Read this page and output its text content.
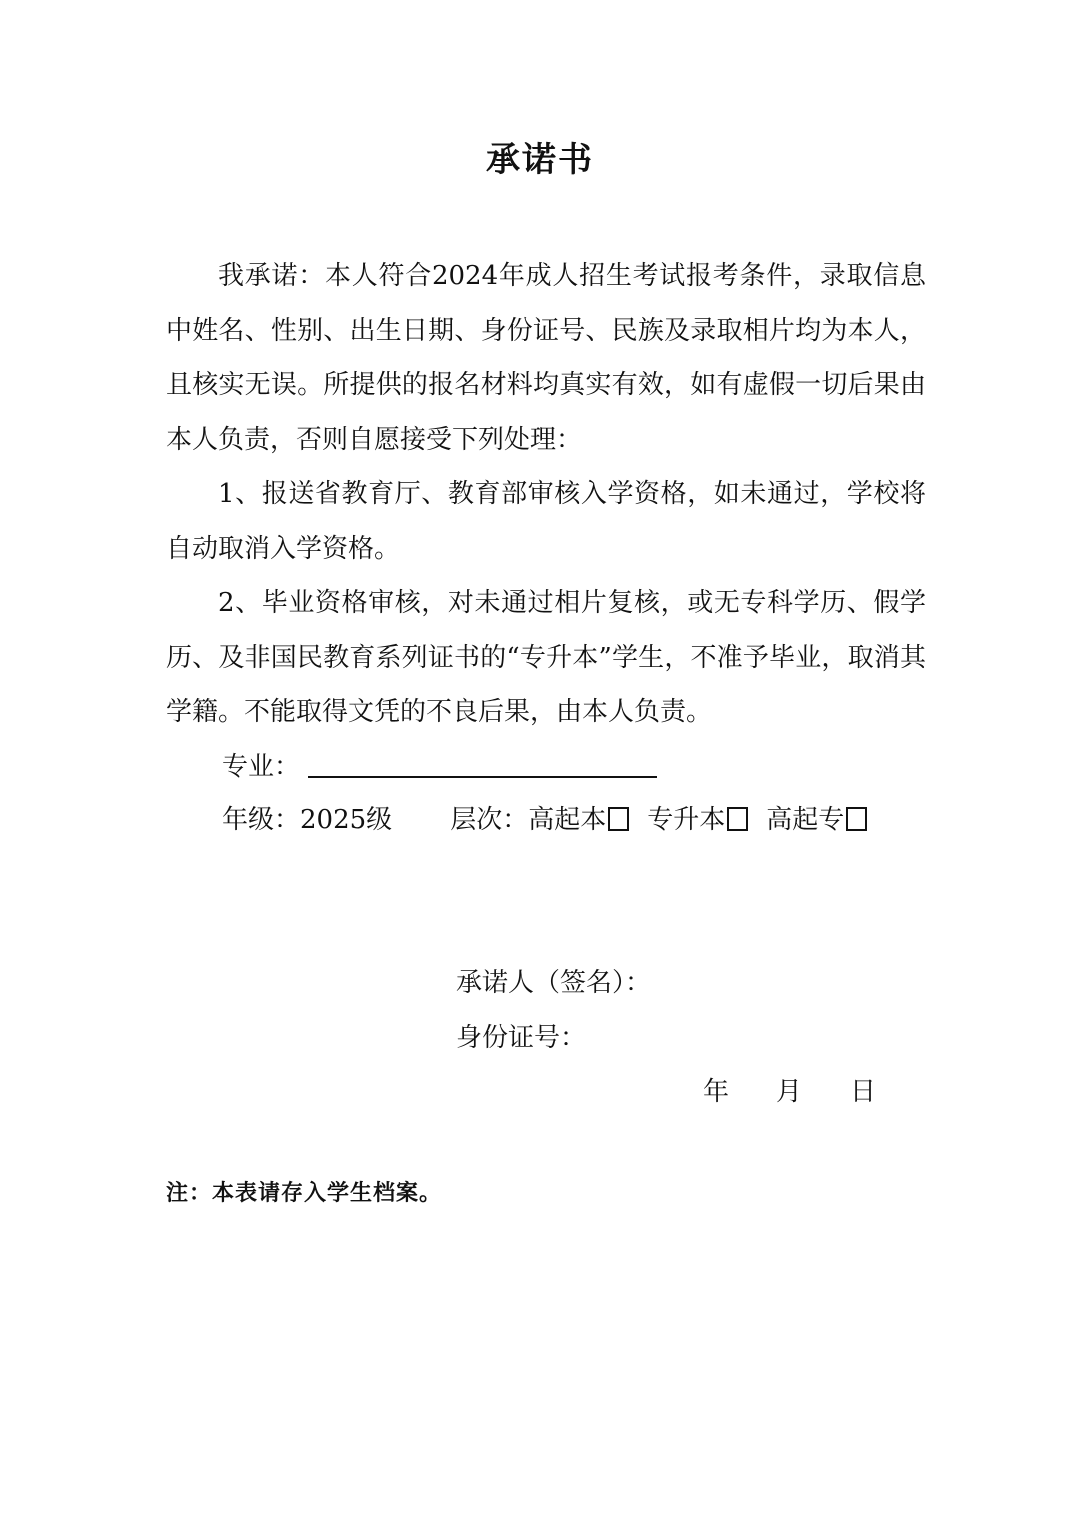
承诺书

我承诺：本人符合2024年成人招生考试报考条件，录取信息中姓名、性别、出生日期、身份证号、民族及录取相片均为本人，且核实无误。所提供的报名材料均真实有效，如有虚假一切后果由本人负责，否则自愿接受下列处理：

1、报送省教育厅、教育部审核入学资格，如未通过，学校将自动取消入学资格。

2、毕业资格审核，对未通过相片复核，或无专科学历、假学历、及非国民教育系列证书的“专升本”学生，不准予毕业，取消其学籍。不能取得文凭的不良后果，由本人负责。

专业：
年级：2025级 层次：高起本 专升本 高起专
承诺人（签名）：
身份证号：
年 月 日
注：本表请存入学生档案。
